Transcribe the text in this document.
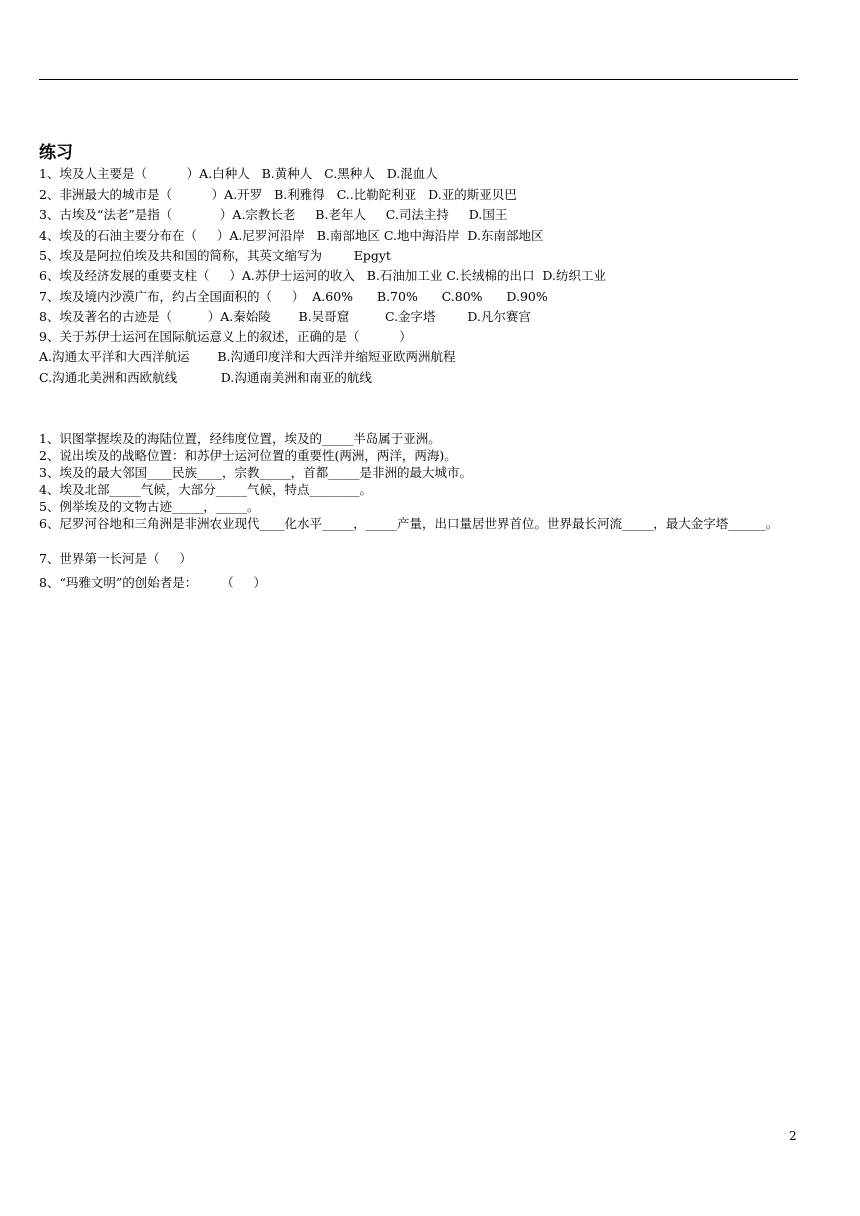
练习
1、埃及人主要是（          ）A.白种人   B.黄种人   C.黑种人   D.混血人
2、非洲最大的城市是（          ）A.开罗   B.利雅得   C..比勒陀利亚   D.亚的斯亚贝巴
3、古埃及“法老”是指（            ）A.宗教长老     B.老年人     C.司法主持     D.国王
4、埃及的石油主要分布在（     ）A.尼罗河沿岸   B.南部地区 C.地中海沿岸  D.东南部地区
5、埃及是阿拉伯埃及共和国的简称，其英文缩写为        Epgyt
6、埃及经济发展的重要支柱（     ）A.苏伊士运河的收入   B.石油加工业 C.长绒棉的出口  D.纺织工业
7、埃及境内沙漠广布，约占全国面积的（     ）  A.60%      B.70%      C.80%      D.90%
8、埃及著名的古迹是（         ）A.秦始陵       B.吴哥窟         C.金字塔        D.凡尔赛宫
9、关于苏伊士运河在国际航运意义上的叙述，正确的是（          ）
A.沟通太平洋和大西洋航运       B.沟通印度洋和大西洋并缩短亚欧两洲航程
C.沟通北美洲和西欧航线           D.沟通南美洲和南亚的航线
1、识图掌握埃及的海陆位置，经纬度位置，埃及的_____半岛属于亚洲。
2、说出埃及的战略位置：和苏伊士运河位置的重要性(两洲，两洋，两海)。
3、埃及的最大邻国____民族____，宗教_____，首都_____是非洲的最大城市。
4、埃及北部_____气候，大部分_____气候，特点________。
5、例举埃及的文物古迹_____，_____。
6、尼罗河谷地和三角洲是非洲农业现代____化水平_____，_____产量，出口量居世界首位。世界最长河流_____，最大金字塔______。
7、世界第一长河是（     ）
8、“玛雅文明”的创始者是：      （     ）
2
